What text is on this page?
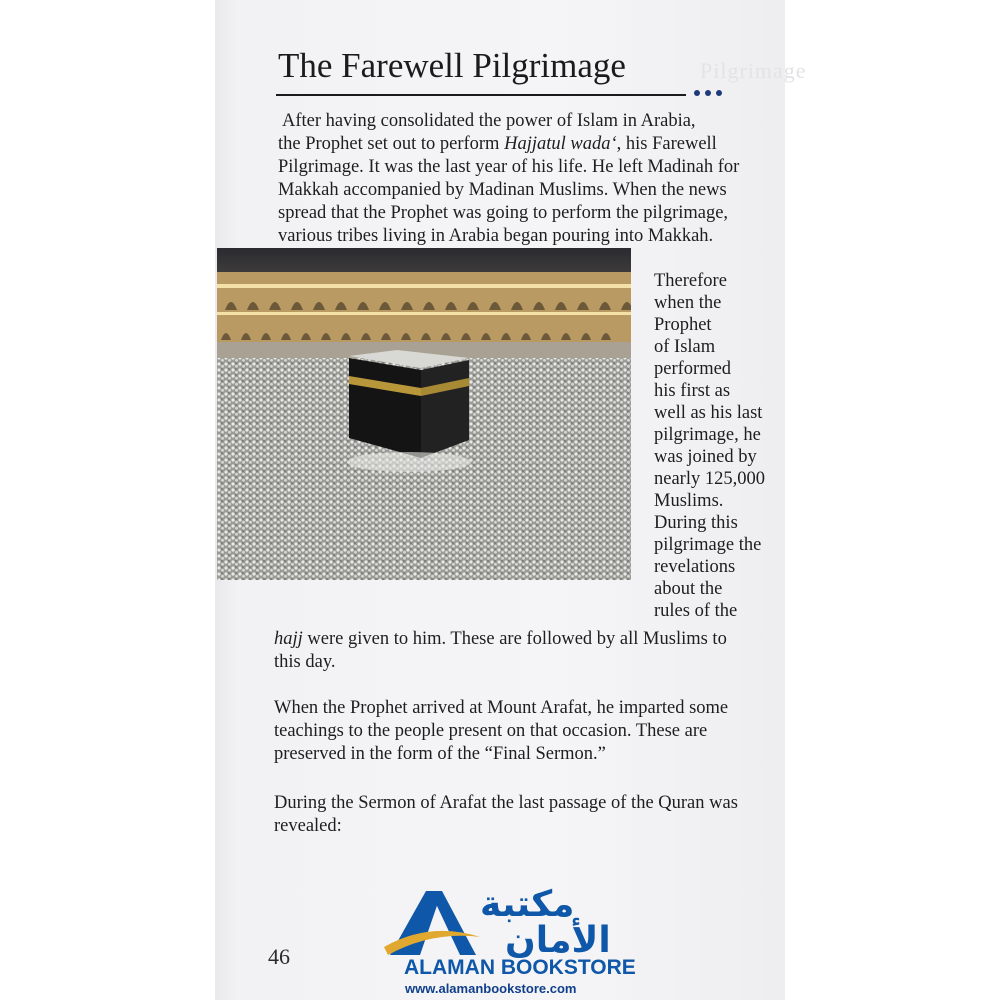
Pilgrimage
The Farewell Pilgrimage
After having consolidated the power of Islam in Arabia,
the Prophet set out to perform Hajjatul wada‘, his Farewell
Pilgrimage. It was the last year of his life. He left Madinah for
Makkah accompanied by Madinan Muslims. When the news
spread that the Prophet was going to perform the pilgrimage,
various tribes living in Arabia began pouring into Makkah.
Therefore
when the
Prophet
of Islam
performed
his first as
well as his last
pilgrimage, he
was joined by
nearly 125,000
Muslims.
During this
pilgrimage the
revelations
about the
rules of the
hajj were given to him. These are followed by all Muslims to
this day.
When the Prophet arrived at Mount Arafat, he imparted some
teachings to the people present on that occasion. These are
preserved in the form of the “Final Sermon.”
During the Sermon of Arafat the last passage of the Quran was
revealed:
46
مكتبة
الأمان
ALAMAN BOOKSTORE
www.alamanbookstore.com
